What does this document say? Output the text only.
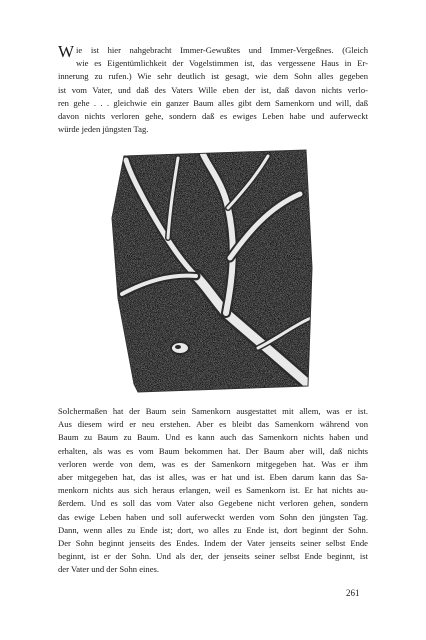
W ie ist hier nahgebracht Immer-Gewußtes und Immer-Vergeßnes. (Gleich
wie es Eigentümlichkeit der Vogelstimmen ist, das vergessene Haus in Er-
innerung zu rufen.) Wie sehr deutlich ist gesagt, wie dem Sohn alles gegeben
ist vom Vater, und daß des Vaters Wille eben der ist, daß davon nichts verlo-
ren gehe . . . gleichwie ein ganzer Baum alles gibt dem Samenkorn und will, daß
davon nichts verloren gehe, sondern daß es ewiges Leben habe und auferweckt
würde jeden jüngsten Tag.
Solchermaßen hat der Baum sein Samenkorn ausgestattet mit allem, was er ist.
Aus diesem wird er neu erstehen. Aber es bleibt das Samenkorn während von
Baum zu Baum zu Baum. Und es kann auch das Samenkorn nichts haben und
erhalten, als was es vom Baum bekommen hat. Der Baum aber will, daß nichts
verloren werde von dem, was es der Samenkorn mitgegeben hat. Was er ihm
aber mitgegeben hat, das ist alles, was er hat und ist. Eben darum kann das Sa-
menkorn nichts aus sich heraus erlangen, weil es Samenkorn ist. Er hat nichts au-
ßerdem. Und es soll das vom Vater also Gegebene nicht verloren gehen, sondern
das ewige Leben haben und soll auferweckt werden vom Sohn den jüngsten Tag.
Dann, wenn alles zu Ende ist; dort, wo alles zu Ende ist, dort beginnt der Sohn.
Der Sohn beginnt jenseits des Endes. Indem der Vater jenseits seiner selbst Ende
beginnt, ist er der Sohn. Und als der, der jenseits seiner selbst Ende beginnt, ist
der Vater und der Sohn eines.
261
